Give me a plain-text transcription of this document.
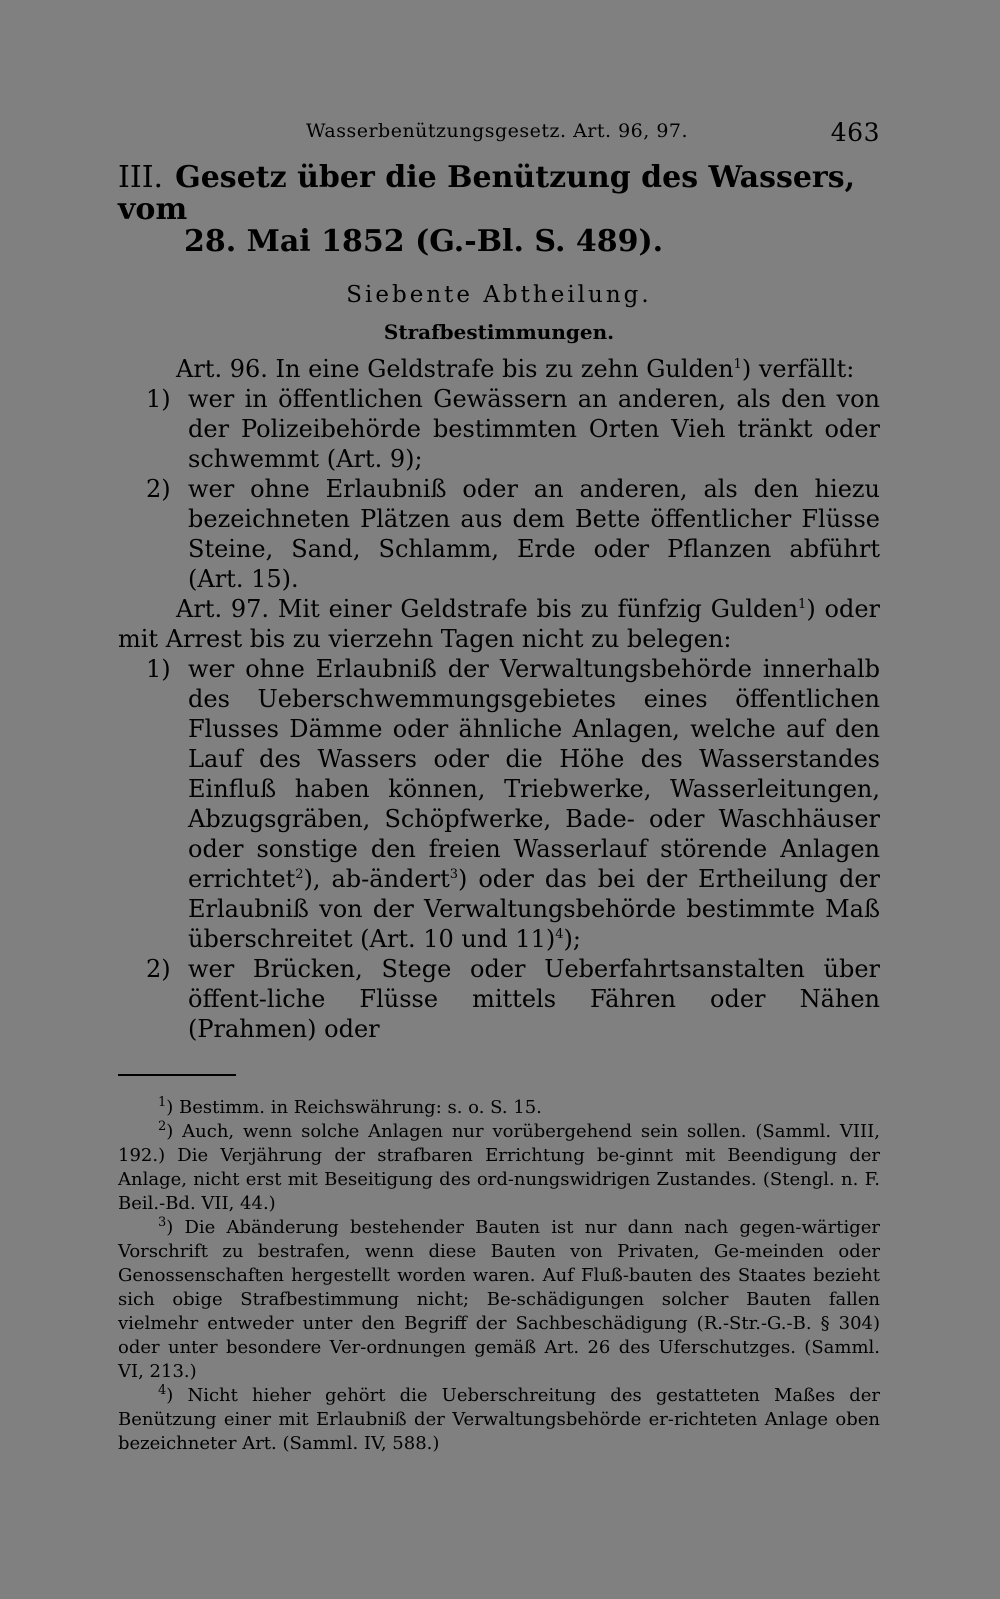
Wasserbenützungsgesetz. Art. 96, 97.	463
III. Gesetz über die Benützung des Wassers, vom
28. Mai 1852 (G.-Bl. S. 489).
Siebente Abtheilung.
Strafbestimmungen.

Art. 96. In eine Geldstrafe bis zu zehn Gulden$^1$) verfällt:

1) wer in öffentlichen Gewässern an anderen, als den von der Polizeibehörde bestimmten Orten Vieh tränkt oder schwemmt (Art. 9);
2) wer ohne Erlaubniß oder an anderen, als den hiezu bezeichneten Plätzen aus dem Bette öffentlicher Flüsse Steine, Sand, Schlamm, Erde oder Pflanzen abführt (Art. 15).

Art. 97. Mit einer Geldstrafe bis zu fünfzig Gulden$^1$) oder mit Arrest bis zu vierzehn Tagen nicht zu belegen:

1) wer ohne Erlaubniß der Verwaltungsbehörde innerhalb des Ueberschwemmungsgebietes eines öffentlichen Flusses Dämme oder ähnliche Anlagen, welche auf den Lauf des Wassers oder die Höhe des Wasserstandes Einfluß haben können, Triebwerke, Wasserleitungen, Abzugsgräben, Schöpfwerke, Bade- oder Waschhäuser oder sonstige den freien Wasserlauf störende Anlagen errichtet$^2$), ab-ändert$^3$) oder das bei der Ertheilung der Erlaubniß von der Verwaltungsbehörde bestimmte Maß überschreitet (Art. 10 und 11)$^4$);
2) wer Brücken, Stege oder Ueberfahrtsanstalten über öffent-liche Flüsse mittels Fähren oder Nähen (Prahmen) oder

$^1$) Bestimm. in Reichswährung: s. o. S. 15.

$^2$) Auch, wenn solche Anlagen nur vorübergehend sein sollen. (Samml. VIII, 192.) Die Verjährung der strafbaren Errichtung be-ginnt mit Beendigung der Anlage, nicht erst mit Beseitigung des ord-nungswidrigen Zustandes. (Stengl. n. F. Beil.-Bd. VII, 44.)

$^3$) Die Abänderung bestehender Bauten ist nur dann nach gegen-wärtiger Vorschrift zu bestrafen, wenn diese Bauten von Privaten, Ge-meinden oder Genossenschaften hergestellt worden waren. Auf Fluß-bauten des Staates bezieht sich obige Strafbestimmung nicht; Be-schädigungen solcher Bauten fallen vielmehr entweder unter den Begriff der Sachbeschädigung (R.-Str.-G.-B. § 304) oder unter besondere Ver-ordnungen gemäß Art. 26 des Uferschutzges. (Samml. VI, 213.)

$^4$) Nicht hieher gehört die Ueberschreitung des gestatteten Maßes der Benützung einer mit Erlaubniß der Verwaltungsbehörde er-richteten Anlage oben bezeichneter Art. (Samml. IV, 588.)
